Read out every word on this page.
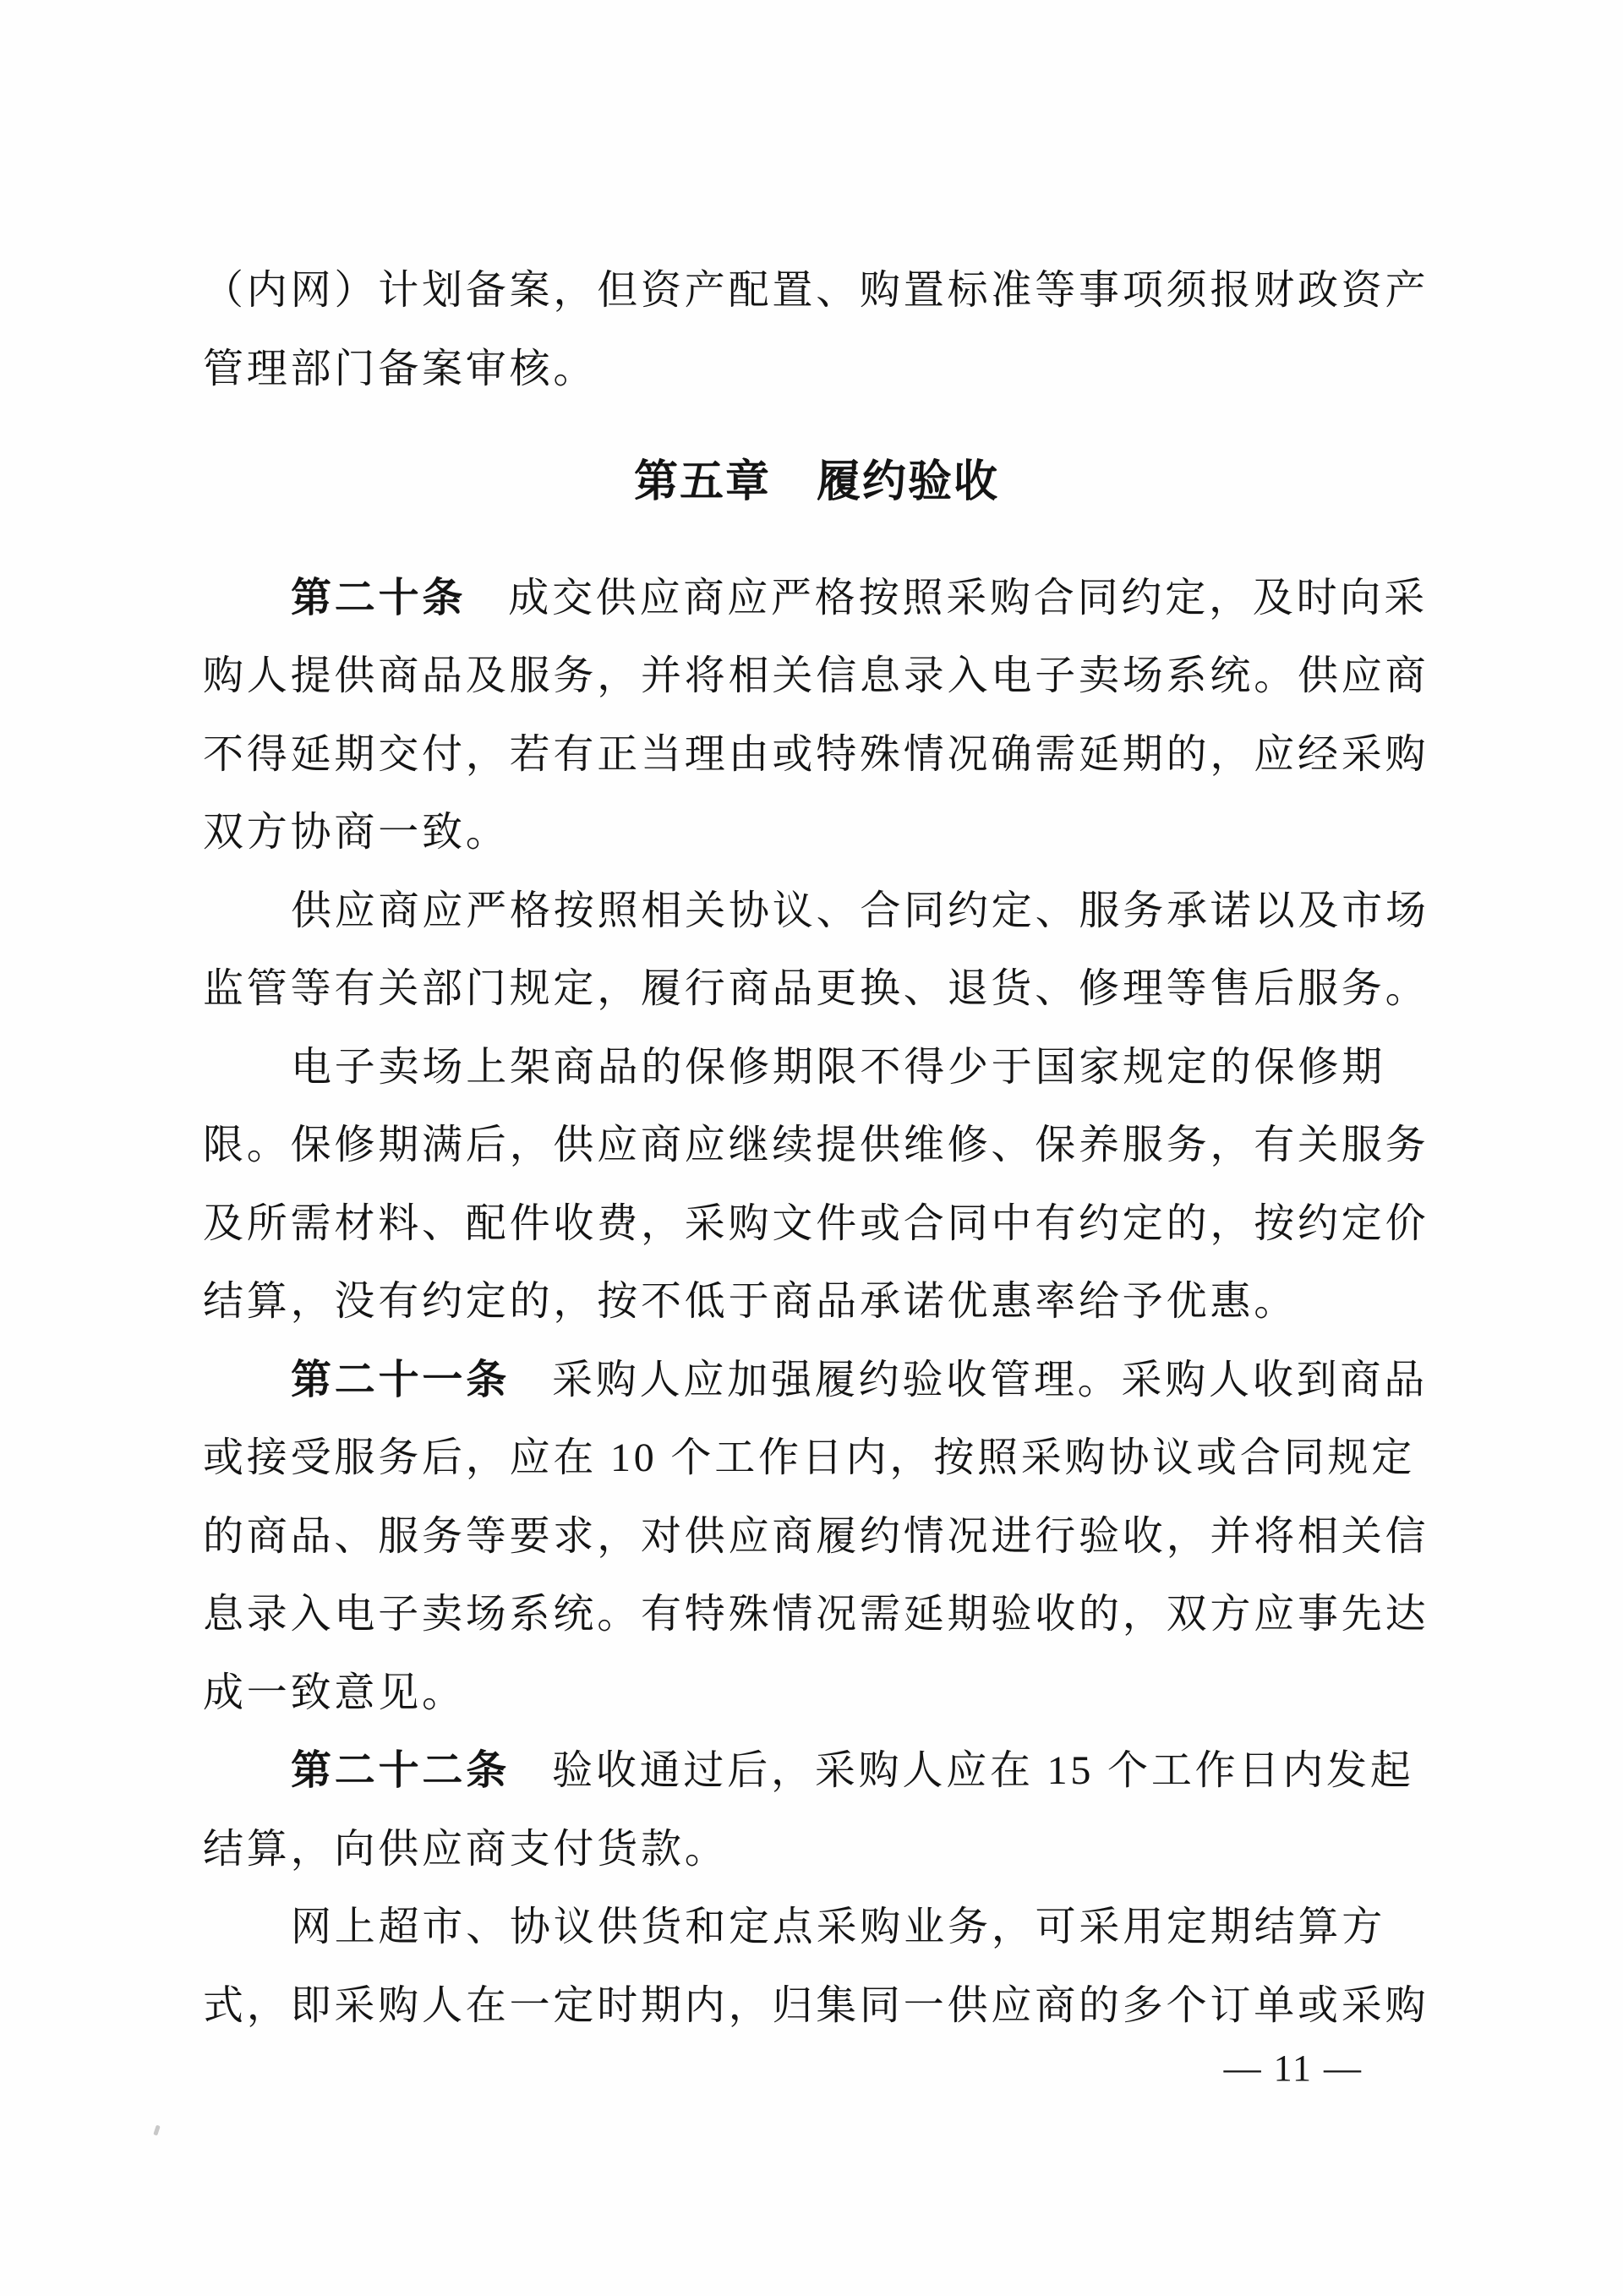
（内网）计划备案，但资产配置、购置标准等事项须报财政资产
管理部门备案审核。
第五章　履约验收
第二十条 成交供应商应严格按照采购合同约定，及时向采
购人提供商品及服务，并将相关信息录入电子卖场系统。供应商
不得延期交付，若有正当理由或特殊情况确需延期的，应经采购
双方协商一致。
供应商应严格按照相关协议、合同约定、服务承诺以及市场
监管等有关部门规定，履行商品更换、退货、修理等售后服务。
电子卖场上架商品的保修期限不得少于国家规定的保修期
限。保修期满后，供应商应继续提供维修、保养服务，有关服务
及所需材料、配件收费，采购文件或合同中有约定的，按约定价
结算，没有约定的，按不低于商品承诺优惠率给予优惠。
第二十一条 采购人应加强履约验收管理。采购人收到商品
或接受服务后，应在 10 个工作日内，按照采购协议或合同规定
的商品、服务等要求，对供应商履约情况进行验收，并将相关信
息录入电子卖场系统。有特殊情况需延期验收的，双方应事先达
成一致意见。
第二十二条 验收通过后，采购人应在 15 个工作日内发起
结算，向供应商支付货款。
网上超市、协议供货和定点采购业务，可采用定期结算方
式，即采购人在一定时期内，归集同一供应商的多个订单或采购
— 11 —
